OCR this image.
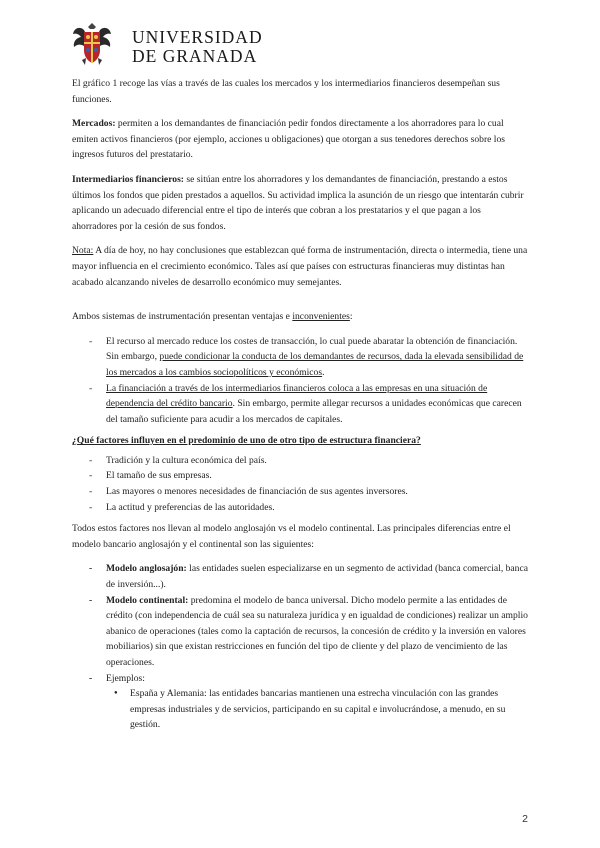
UNIVERSIDAD
DE GRANADA

El gráfico 1 recoge las vías a través de las cuales los mercados y los intermediarios financieros desempeñan sus funciones.

Mercados: permiten a los demandantes de financiación pedir fondos directamente a los ahorradores para lo cual emiten activos financieros (por ejemplo, acciones u obligaciones) que otorgan a sus tenedores derechos sobre los ingresos futuros del prestatario.

Intermediarios financieros: se sitúan entre los ahorradores y los demandantes de financiación, prestando a estos últimos los fondos que piden prestados a aquellos. Su actividad implica la asunción de un riesgo que intentarán cubrir aplicando un adecuado diferencial entre el tipo de interés que cobran a los prestatarios y el que pagan a los ahorradores por la cesión de sus fondos.

Nota: A día de hoy, no hay conclusiones que establezcan qué forma de instrumentación, directa o intermedia, tiene una mayor influencia en el crecimiento económico. Tales así que países con estructuras financieras muy distintas han acabado alcanzando niveles de desarrollo económico muy semejantes.

Ambos sistemas de instrumentación presentan ventajas e inconvenientes:

- El recurso al mercado reduce los costes de transacción, lo cual puede abaratar la obtención de financiación. Sin embargo, puede condicionar la conducta de los demandantes de recursos, dada la elevada sensibilidad de los mercados a los cambios sociopolíticos y económicos.
- La financiación a través de los intermediarios financieros coloca a las empresas en una situación de dependencia del crédito bancario. Sin embargo, permite allegar recursos a unidades económicas que carecen del tamaño suficiente para acudir a los mercados de capitales.

¿Qué factores influyen en el predominio de uno de otro tipo de estructura financiera?

- Tradición y la cultura económica del país.
- El tamaño de sus empresas.
- Las mayores o menores necesidades de financiación de sus agentes inversores.
- La actitud y preferencias de las autoridades.

Todos estos factores nos llevan al modelo anglosajón vs el modelo continental. Las principales diferencias entre el modelo bancario anglosajón y el continental son las siguientes:

- Modelo anglosajón: las entidades suelen especializarse en un segmento de actividad (banca comercial, banca de inversión...).
- Modelo continental: predomina el modelo de banca universal. Dicho modelo permite a las entidades de crédito (con independencia de cuál sea su naturaleza jurídica y en igualdad de condiciones) realizar un amplio abanico de operaciones (tales como la captación de recursos, la concesión de crédito y la inversión en valores mobiliarios) sin que existan restricciones en función del tipo de cliente y del plazo de vencimiento de las operaciones.
- Ejemplos:
● España y Alemania: las entidades bancarias mantienen una estrecha vinculación con las grandes empresas industriales y de servicios, participando en su capital e involucrándose, a menudo, en su gestión.
2
